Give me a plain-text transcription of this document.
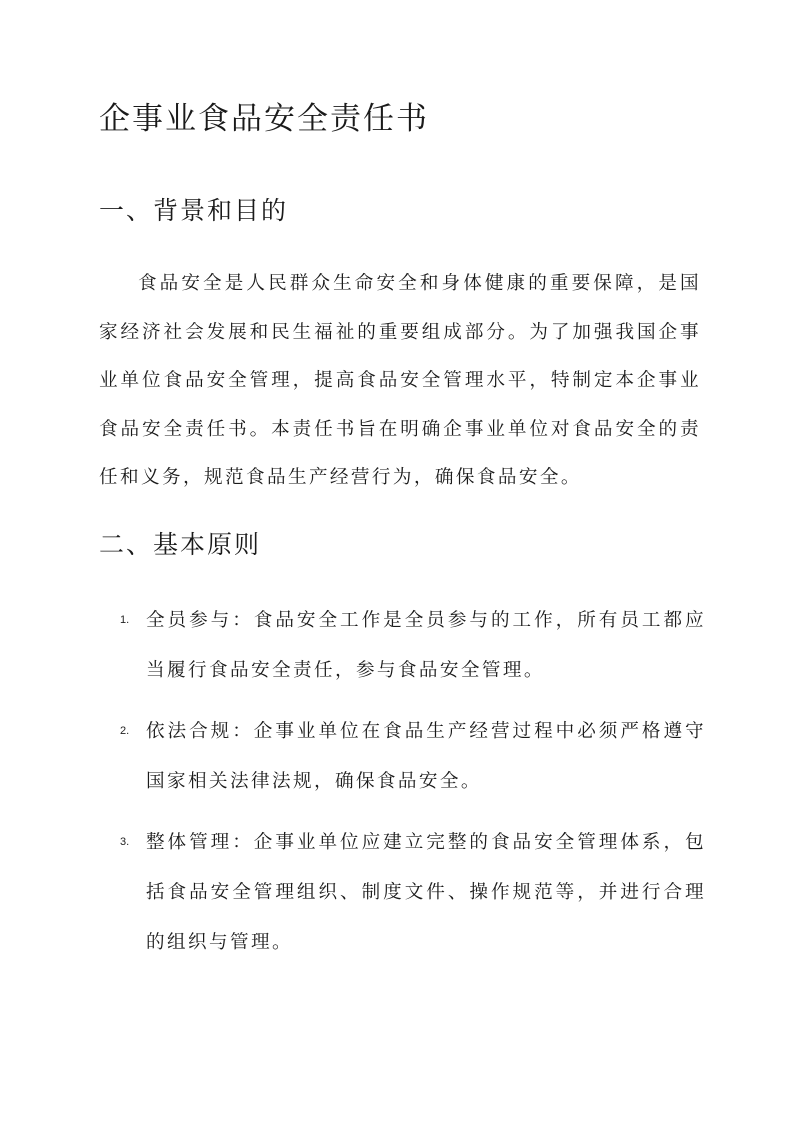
企事业食品安全责任书
一、背景和目的

食品安全是人民群众生命安全和身体健康的重要保障，是国家经济社会发展和民生福祉的重要组成部分。为了加强我国企事业单位食品安全管理，提高食品安全管理水平，特制定本企事业食品安全责任书。本责任书旨在明确企事业单位对食品安全的责任和义务，规范食品生产经营行为，确保食品安全。

二、基本原则
1. 全员参与：食品安全工作是全员参与的工作，所有员工都应当履行食品安全责任，参与食品安全管理。
2. 依法合规：企事业单位在食品生产经营过程中必须严格遵守国家相关法律法规，确保食品安全。
3. 整体管理：企事业单位应建立完整的食品安全管理体系，包括食品安全管理组织、制度文件、操作规范等，并进行合理的组织与管理。
